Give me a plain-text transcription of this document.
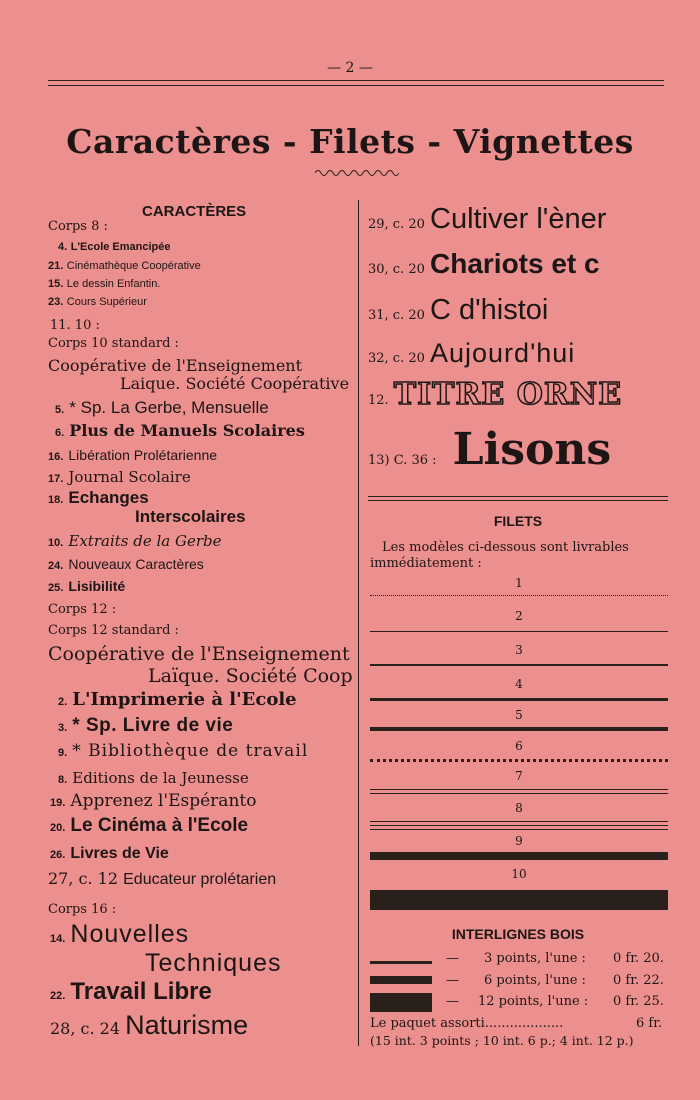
— 2 —
Caractères - Filets - Vignettes
CARACTÈRES
Corps 8 :
4. L'Ecole Emancipée
21. Cinémathèque Coopérative
15. Le dessin Enfantin.
23. Cours Supérieur
11. 10 :
Corps 10 standard :
Coopérative de l'Enseignement
Laique. Société Coopérative
5. * Sp. La Gerbe, Mensuelle
6. Plus de Manuels Scolaires
16. Libération Prolétarienne
17. Journal Scolaire
18. Echanges
Interscolaires
10. Extraits de la Gerbe
24. Nouveaux Caractères
25. Lisibilité
Corps 12 :
Corps 12 standard :
Coopérative de l'Enseignement
Laïque. Société Coop
2. L'Imprimerie à l'Ecole
3. * Sp. Livre de vie
9. * Bibliothèque de travail
8. Editions de la Jeunesse
19. Apprenez l'Espéranto
20. Le Cinéma à l'Ecole
26. Livres de Vie
27, c. 12 Educateur prolétarien
Corps 16 :
14. Nouvelles
Techniques
22. Travail Libre
28, c. 24 Naturisme
29, c. 20 Cultiver l'èner
30, c. 20 Chariots et c
31, c. 20 C d'histoi
32, c. 20 Aujourd'hui
12. TITRE ORNE
13) C. 36 : Lisons
FILETS
Les modèles ci-dessous sont livrables
immédiatement :
1
2
3
4
5
6
7
8
9
10
INTERLIGNES BOIS
— 3 points, l'une : 0 fr. 20.
— 6 points, l'une : 0 fr. 22.
— 12 points, l'une : 0 fr. 25.
Le paquet assorti...................	6 fr.
(15 int. 3 points ; 10 int. 6 p.; 4 int. 12 p.)
